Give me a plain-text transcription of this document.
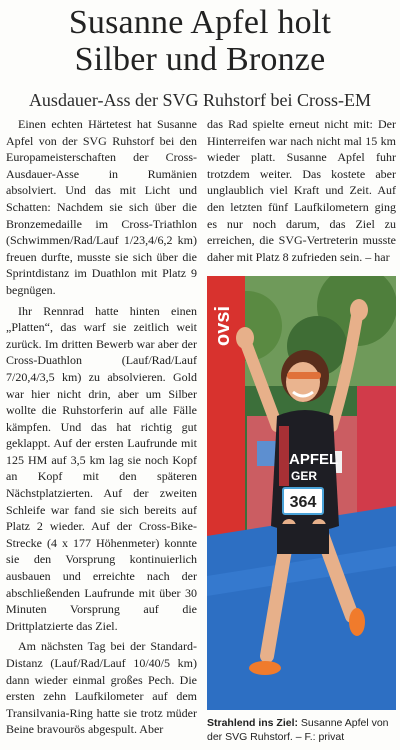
Susanne Apfel holt
Silber und Bronze
Ausdauer-Ass der SVG Ruhstorf bei Cross-EM

Einen echten Härtetest hat Susanne Apfel von der SVG Ruhstorf bei den Europameisterschaften der Cross-Ausdauer-Asse in Rumänien absolviert. Und das mit Licht und Schatten: Nachdem sie sich über die Bronzemedaille im Cross-Triathlon (Schwimmen/Rad/Lauf 1/23,4/6,2 km) freuen durfte, musste sie sich über die Sprintdistanz im Duathlon mit Platz 9 begnügen.

Ihr Rennrad hatte hinten einen „Platten“, das warf sie zeitlich weit zurück. Im dritten Bewerb war aber der Cross-Duathlon (Lauf/Rad/Lauf 7/20,4/3,5 km) zu absolvieren. Gold war hier nicht drin, aber um Silber wollte die Ruhstorferin auf alle Fälle kämpfen. Und das hat richtig gut geklappt. Auf der ersten Laufrunde mit 125 HM auf 3,5 km lag sie noch Kopf an Kopf mit den späteren Nächstplatzierten. Auf der zweiten Schleife war fand sie sich bereits auf Platz 2 wieder. Auf der Cross-Bike-Strecke (4 x 177 Höhenmeter) konnte sie den Vorsprung kontinuierlich ausbauen und erreichte nach der abschließenden Laufrunde mit über 30 Minuten Vorsprung auf die Drittplatzierte das Ziel.

Am nächsten Tag bei der Standard-Distanz (Lauf/Rad/Lauf 10/40/5 km) dann wieder einmal großes Pech. Die ersten zehn Laufkilometer auf dem Transilvania-Ring hatte sie trotz müder Beine bravourös abgespult. Aber

das Rad spielte erneut nicht mit: Der Hinterreifen war nach nicht mal 15 km wieder platt. Susanne Apfel fuhr trotzdem weiter. Das kostete aber unglaublich viel Kraft und Zeit. Auf den letzten fünf Laufkilometern ging es nur noch darum, das Ziel zu erreichen, die SVG-Vertreterin musste daher mit Platz 8 zufrieden sein. – har

ovsi
APFEL
GER
364
Strahlend ins Ziel: Susanne Apfel von der SVG Ruhstorf. – F.: privat
